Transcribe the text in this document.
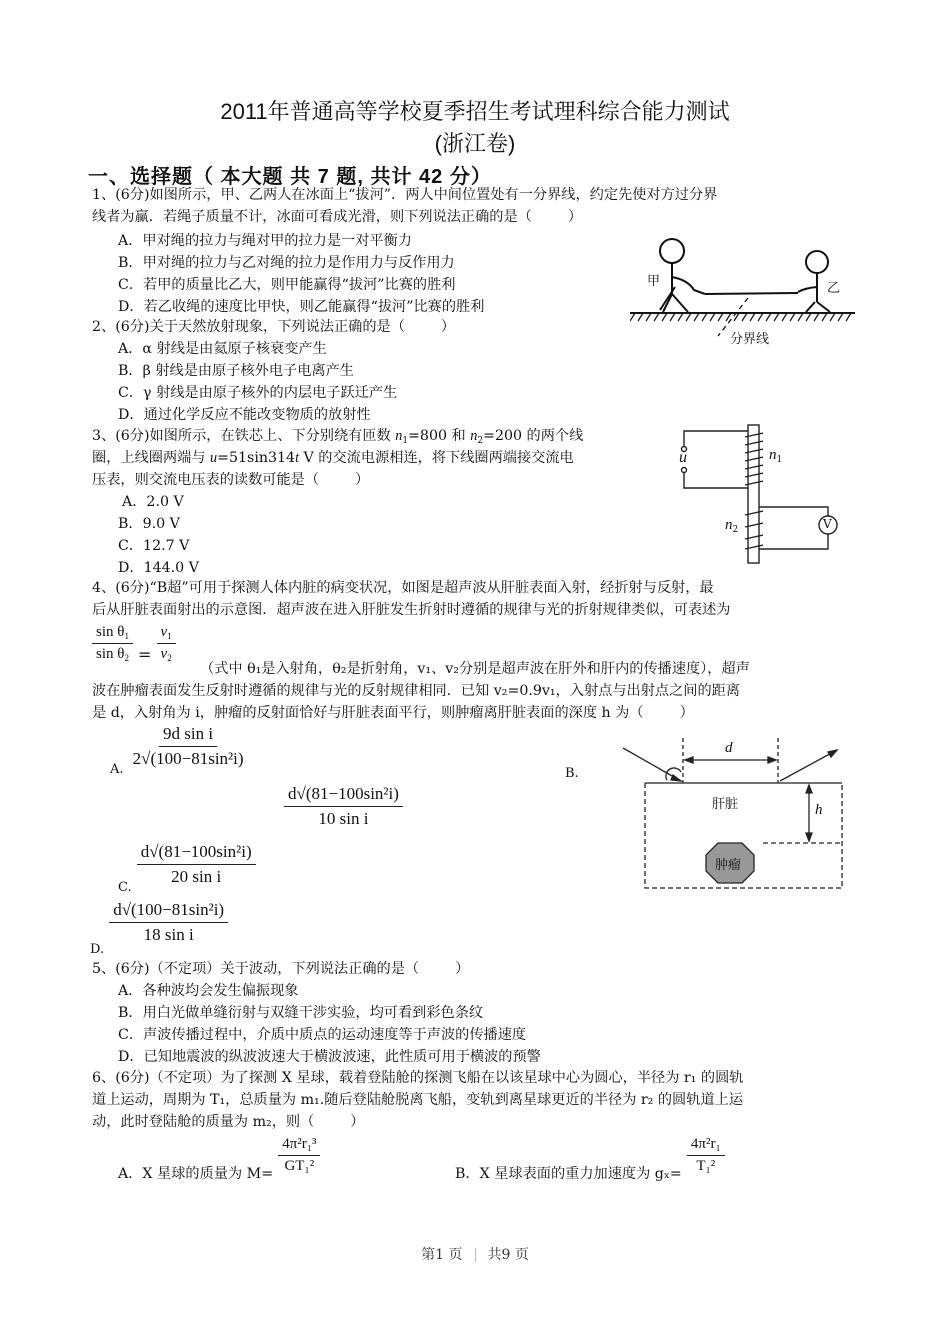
2011年普通高等学校夏季招生考试理科综合能力测试
(浙江卷)
一、选择题（ 本大题 共 7 题, 共计 42 分）
1、(6分)如图所示，甲、乙两人在冰面上“拔河”．两人中间位置处有一分界线，约定先使对方过分界
线者为赢．若绳子质量不计，冰面可看成光滑，则下列说法正确的是（	）
A．甲对绳的拉力与绳对甲的拉力是一对平衡力
B．甲对绳的拉力与乙对绳的拉力是作用力与反作用力
C．若甲的质量比乙大，则甲能赢得“拔河”比赛的胜利
D．若乙收绳的速度比甲快，则乙能赢得“拔河”比赛的胜利
甲	乙
分界线
2、(6分)关于天然放射现象，下列说法正确的是（	）
A．α 射线是由氦原子核衰变产生
B．β 射线是由原子核外电子电离产生
C．γ 射线是由原子核外的内层电子跃迁产生
D．通过化学反应不能改变物质的放射性
3、(6分)如图所示，在铁芯上、下分别绕有匝数 $n_1=800$ 和 $n_2=200$ 的两个线
圈，上线圈两端与 u=51sin314t V 的交流电源相连，将下线圈两端接交流电
压表，则交流电压表的读数可能是（	）
A．2.0 V
B．9.0 V
C．12.7 V
D．144.0 V
u	$n_1$
$n_2$	V
4、(6分)“B超”可用于探测人体内脏的病变状况，如图是超声波从肝脏表面入射，经折射与反射，最
后从肝脏表面射出的示意图．超声波在进入肝脏发生折射时遵循的规律与光的折射规律类似，可表述为
$\frac{\sin \theta_1}{\sin \theta_2} = \frac{v_1}{v_2}$
（式中 θ₁是入射角，θ₂是折射角，v₁、v₂分别是超声波在肝外和肝内的传播速度），超声
波在肿瘤表面发生反射时遵循的规律与光的反射规律相同．已知 v₂=0.9v₁，入射点与出射点之间的距离
是 d，入射角为 i，肿瘤的反射面恰好与肝脏表面平行，则肿瘤离肝脏表面的深度 h 为（	）
$_{A.}$
$\frac{\text{9d sin i}}{\text{2√(100−81sin²i)}}$
B.
$\frac{\text{d√(81−100sin²i)}}{\text{10 sin i}}$
$_{C.}$
$\frac{\text{d√(81−100sin²i)}}{\text{20 sin i}}$
$_{D.}$
$\frac{\text{d√(100−81sin²i)}}{\text{18 sin i}}$
肝脏
肿瘤
d
h
5、(6分)（不定项）关于波动，下列说法正确的是（	）
A．各种波均会发生偏振现象
B．用白光做单缝衍射与双缝干涉实验，均可看到彩色条纹
C．声波传播过程中，介质中质点的运动速度等于声波的传播速度
D．已知地震波的纵波波速大于横波波速，此性质可用于横波的预警
6、(6分)（不定项）为了探测 X 星球，载着登陆舱的探测飞船在以该星球中心为圆心，半径为 r₁ 的圆轨
道上运动，周期为 T₁，总质量为 m₁.随后登陆舱脱离飞船，变轨到离星球更近的半径为 r₂ 的圆轨道上运
动，此时登陆舱的质量为 m₂，则（	）
A．X 星球的质量为 $M= \frac{\text{4π²r₁³}}{\text{GT₁²}}$	B．X 星球表面的重力加速度为 $g_x= \frac{\text{4π²r₁}}{\text{T₁²}}$
第1 页 共9 页
